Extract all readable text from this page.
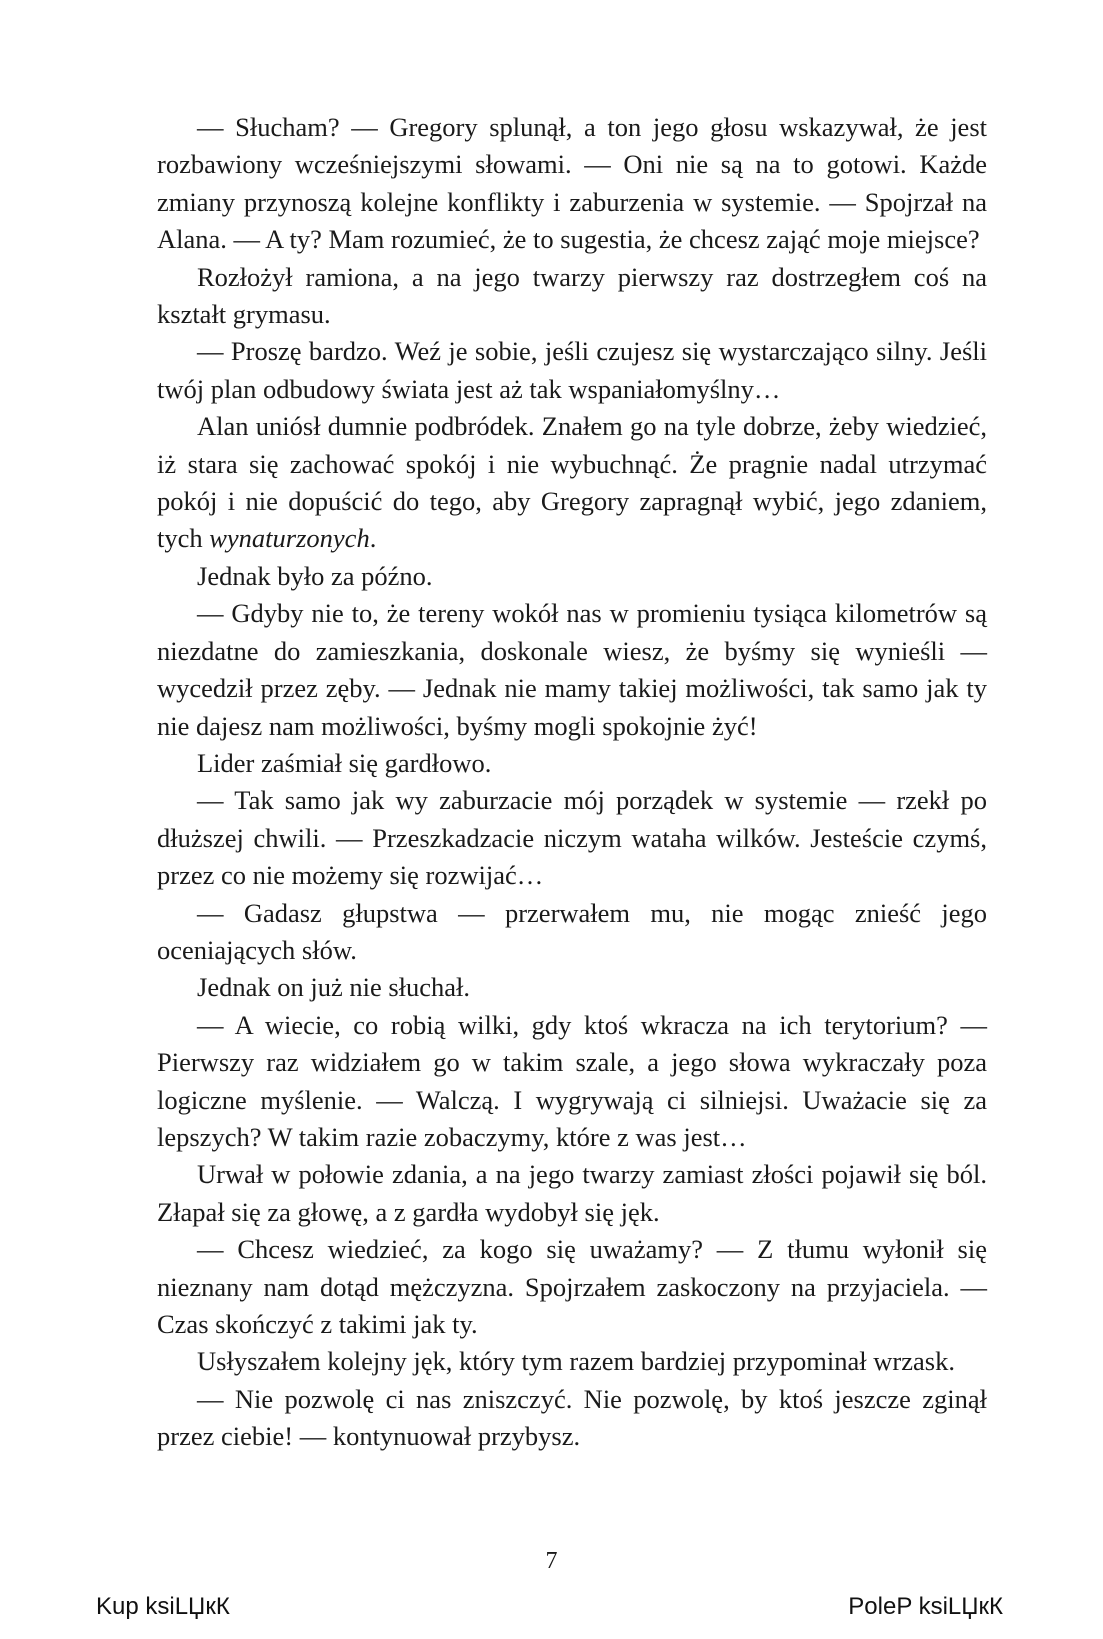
— Słucham? — Gregory splunął, a ton jego głosu wskazywał, że jest rozbawiony wcześniejszymi słowami. — Oni nie są na to gotowi. Każde zmiany przynoszą kolejne konflikty i zaburzenia w systemie. — Spojrzał na Alana. — A ty? Mam rozumieć, że to sugestia, że chcesz zająć moje miejsce?

Rozłożył ramiona, a na jego twarzy pierwszy raz dostrzegłem coś na kształt grymasu.

— Proszę bardzo. Weź je sobie, jeśli czujesz się wystarczająco silny. Jeśli twój plan odbudowy świata jest aż tak wspaniałomyślny…

Alan uniósł dumnie podbródek. Znałem go na tyle dobrze, żeby wiedzieć, iż stara się zachować spokój i nie wybuchnąć. Że pragnie nadal utrzymać pokój i nie dopuścić do tego, aby Gregory zapragnął wybić, jego zdaniem, tych wynaturzonych.

Jednak było za późno.

— Gdyby nie to, że tereny wokół nas w promieniu tysiąca kilometrów są niezdatne do zamieszkania, doskonale wiesz, że byśmy się wynieśli — wycedził przez zęby. — Jednak nie mamy takiej możliwości, tak samo jak ty nie dajesz nam możliwości, byśmy mogli spokojnie żyć!

Lider zaśmiał się gardłowo.

— Tak samo jak wy zaburzacie mój porządek w systemie — rzekł po dłuższej chwili. — Przeszkadzacie niczym wataha wilków. Jesteście czymś, przez co nie możemy się rozwijać…

— Gadasz głupstwa — przerwałem mu, nie mogąc znieść jego oceniających słów.

Jednak on już nie słuchał.

— A wiecie, co robią wilki, gdy ktoś wkracza na ich terytorium? — Pierwszy raz widziałem go w takim szale, a jego słowa wykraczały poza logiczne myślenie. — Walczą. I wygrywają ci silniejsi. Uważacie się za lepszych? W takim razie zobaczymy, które z was jest…

Urwał w połowie zdania, a na jego twarzy zamiast złości pojawił się ból. Złapał się za głowę, a z gardła wydobył się jęk.

— Chcesz wiedzieć, za kogo się uważamy? — Z tłumu wyłonił się nieznany nam dotąd mężczyzna. Spojrzałem zaskoczony na przyjaciela. — Czas skończyć z takimi jak ty.

Usłyszałem kolejny jęk, który tym razem bardziej przypominał wrzask.

— Nie pozwolę ci nas zniszczyć. Nie pozwolę, by ktoś jeszcze zginął przez ciebie! — kontynuował przybysz.

7
Kup ksiLЏкК	PoleP ksiLЏкК
